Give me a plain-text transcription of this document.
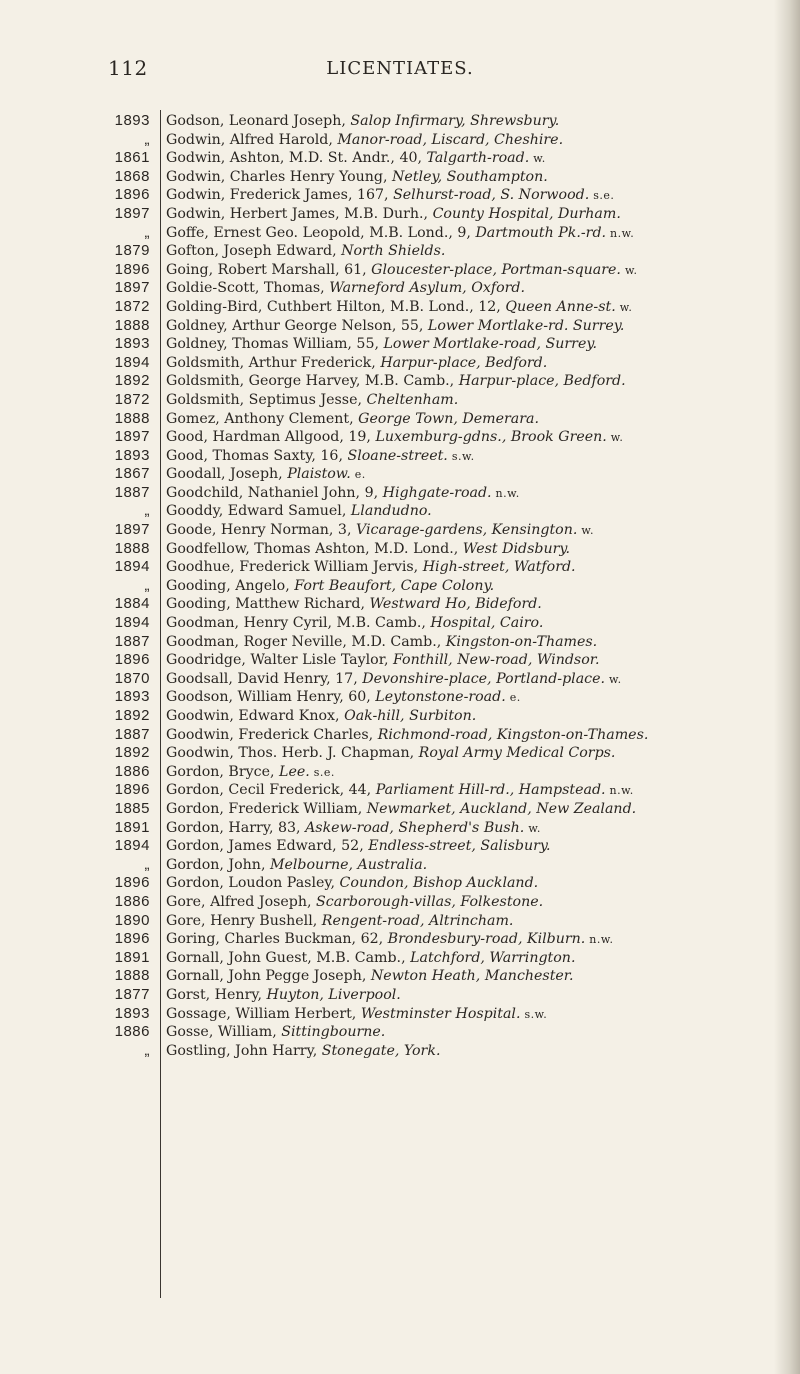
112	LICENTIATES.
1893 Godson, Leonard Joseph, Salop Infirmary, Shrewsbury.
„ Godwin, Alfred Harold, Manor-road, Liscard, Cheshire.
1861 Godwin, Ashton, M.D. St. Andr., 40, Talgarth-road. w.
1868 Godwin, Charles Henry Young, Netley, Southampton.
1896 Godwin, Frederick James, 167, Selhurst-road, S. Norwood. s.e.
1897 Godwin, Herbert James, M.B. Durh., County Hospital, Durham.
„ Goffe, Ernest Geo. Leopold, M.B. Lond., 9, Dartmouth Pk.-rd. n.w.
1879 Gofton, Joseph Edward, North Shields.
1896 Going, Robert Marshall, 61, Gloucester-place, Portman-square. w.
1897 Goldie-Scott, Thomas, Warneford Asylum, Oxford.
1872 Golding-Bird, Cuthbert Hilton, M.B. Lond., 12, Queen Anne-st. w.
1888 Goldney, Arthur George Nelson, 55, Lower Mortlake-rd. Surrey.
1893 Goldney, Thomas William, 55, Lower Mortlake-road, Surrey.
1894 Goldsmith, Arthur Frederick, Harpur-place, Bedford.
1892 Goldsmith, George Harvey, M.B. Camb., Harpur-place, Bedford.
1872 Goldsmith, Septimus Jesse, Cheltenham.
1888 Gomez, Anthony Clement, George Town, Demerara.
1897 Good, Hardman Allgood, 19, Luxemburg-gdns., Brook Green. w.
1893 Good, Thomas Saxty, 16, Sloane-street. s.w.
1867 Goodall, Joseph, Plaistow. e.
1887 Goodchild, Nathaniel John, 9, Highgate-road. n.w.
„ Gooddy, Edward Samuel, Llandudno.
1897 Goode, Henry Norman, 3, Vicarage-gardens, Kensington. w.
1888 Goodfellow, Thomas Ashton, M.D. Lond., West Didsbury.
1894 Goodhue, Frederick William Jervis, High-street, Watford.
„ Gooding, Angelo, Fort Beaufort, Cape Colony.
1884 Gooding, Matthew Richard, Westward Ho, Bideford.
1894 Goodman, Henry Cyril, M.B. Camb., Hospital, Cairo.
1887 Goodman, Roger Neville, M.D. Camb., Kingston-on-Thames.
1896 Goodridge, Walter Lisle Taylor, Fonthill, New-road, Windsor.
1870 Goodsall, David Henry, 17, Devonshire-place, Portland-place. w.
1893 Goodson, William Henry, 60, Leytonstone-road. e.
1892 Goodwin, Edward Knox, Oak-hill, Surbiton.
1887 Goodwin, Frederick Charles, Richmond-road, Kingston-on-Thames.
1892 Goodwin, Thos. Herb. J. Chapman, Royal Army Medical Corps.
1886 Gordon, Bryce, Lee. s.e.
1896 Gordon, Cecil Frederick, 44, Parliament Hill-rd., Hampstead. n.w.
1885 Gordon, Frederick William, Newmarket, Auckland, New Zealand.
1891 Gordon, Harry, 83, Askew-road, Shepherd's Bush. w.
1894 Gordon, James Edward, 52, Endless-street, Salisbury.
„ Gordon, John, Melbourne, Australia.
1896 Gordon, Loudon Pasley, Coundon, Bishop Auckland.
1886 Gore, Alfred Joseph, Scarborough-villas, Folkestone.
1890 Gore, Henry Bushell, Rengent-road, Altrincham.
1896 Goring, Charles Buckman, 62, Brondesbury-road, Kilburn. n.w.
1891 Gornall, John Guest, M.B. Camb., Latchford, Warrington.
1888 Gornall, John Pegge Joseph, Newton Heath, Manchester.
1877 Gorst, Henry, Huyton, Liverpool.
1893 Gossage, William Herbert, Westminster Hospital. s.w.
1886 Gosse, William, Sittingbourne.
„ Gostling, John Harry, Stonegate, York.
